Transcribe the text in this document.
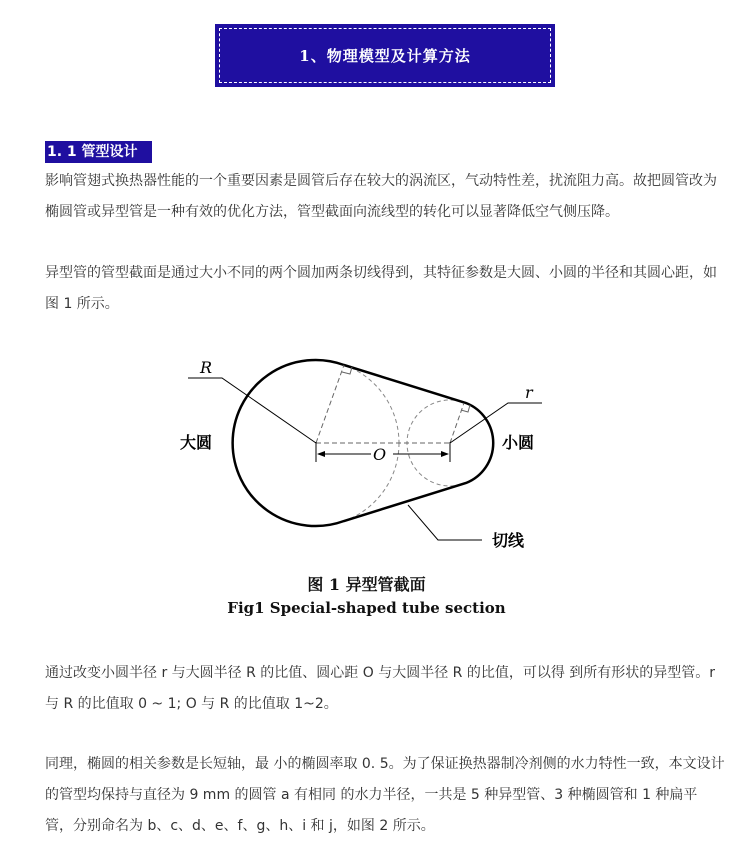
1、物理模型及计算方法
1. 1 管型设计

影响管翅式换热器性能的一个重要因素是圆管后存在较大的涡流区，气动特性差，扰流阻力高。故把圆管改为椭圆管或异型管是一种有效的优化方法，管型截面向流线型的转化可以显著降低空气侧压降。

异型管的管型截面是通过大小不同的两个圆加两条切线得到，其特征参数是大圆、小圆的半径和其圆心距，如图 1 所示。

R
r
O
切线
大圆	小圆
图 1 异型管截面
Fig1 Special-shaped tube section

通过改变小圆半径 r 与大圆半径 R 的比值、圆心距 O 与大圆半径 R 的比值，可以得 到所有形状的异型管。r 与 R 的比值取 0 ~ 1; O 与 R 的比值取 1~2。

同理，椭圆的相关参数是长短轴，最 小的椭圆率取 0. 5。为了保证换热器制冷剂侧的水力特性一致，本文设计的管型均保持与直径为 9 mm 的圆管 a 有相同 的水力半径，一共是 5 种异型管、3 种椭圆管和 1 种扁平管，分别命名为 b、c、d、e、f、g、h、i 和 j，如图 2 所示。
